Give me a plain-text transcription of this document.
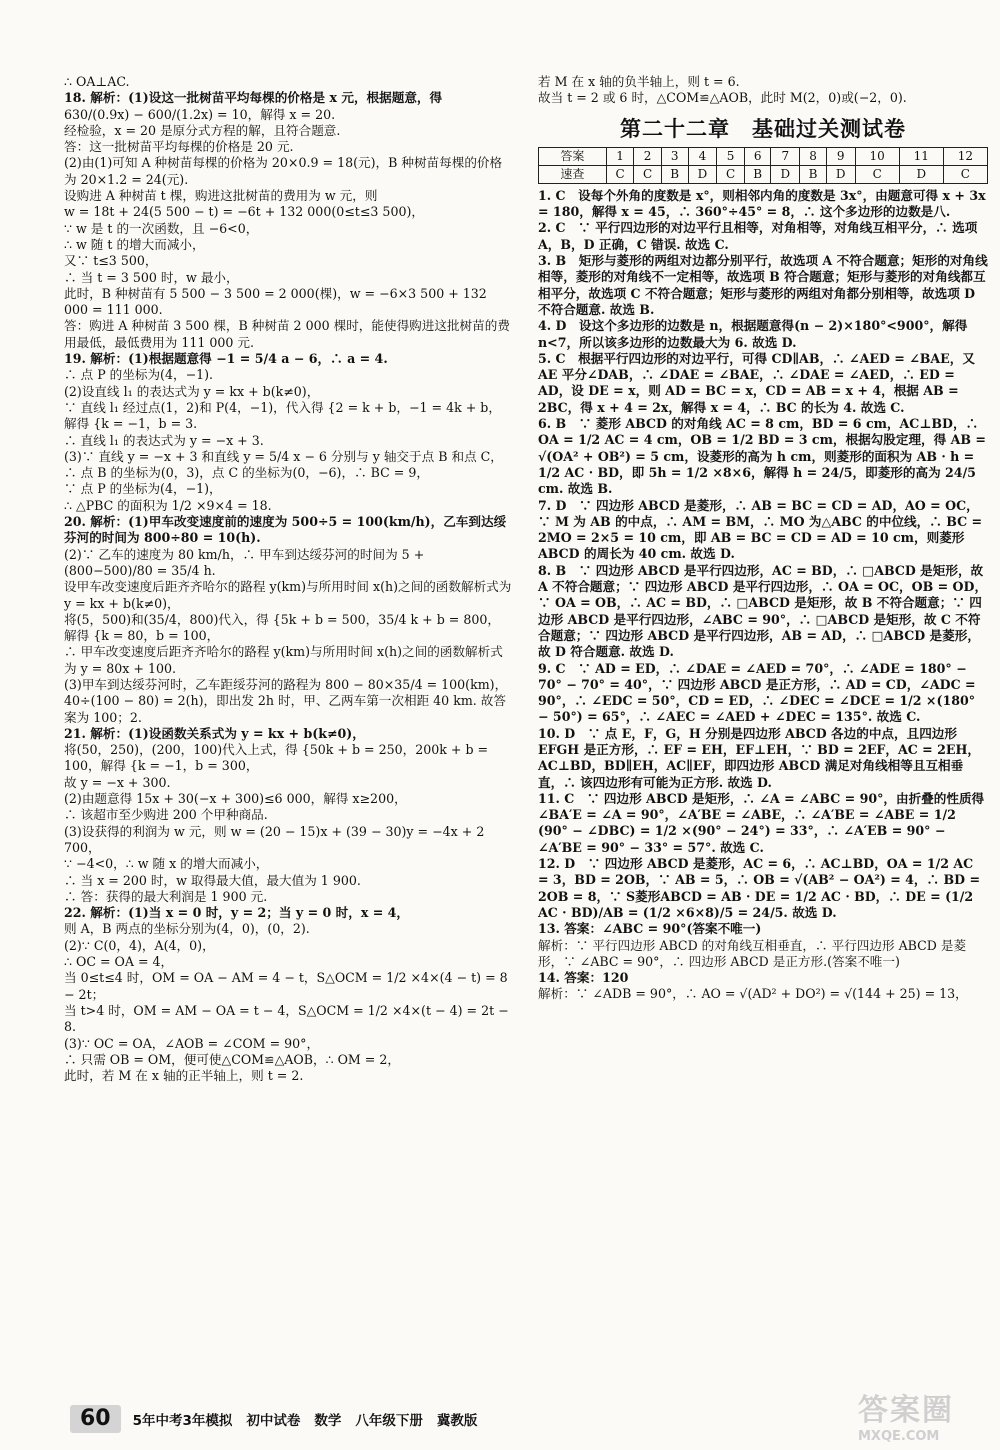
∴ OA⊥AC.

18. 解析：(1)设这一批树苗平均每棵的价格是 x 元，根据题意，得

630/(0.9x) − 600/(1.2x) = 10，解得 x = 20.

经检验，x = 20 是原分式方程的解，且符合题意.

答：这一批树苗平均每棵的价格是 20 元.

(2)由(1)可知 A 种树苗每棵的价格为 20×0.9 = 18(元)，B 种树苗每棵的价格为 20×1.2 = 24(元).

设购进 A 种树苗 t 棵，购进这批树苗的费用为 w 元，则

w = 18t + 24(5 500 − t) = −6t + 132 000(0≤t≤3 500)，

∵ w 是 t 的一次函数，且 −6<0，

∴ w 随 t 的增大而减小，

又∵ t≤3 500，

∴ 当 t = 3 500 时，w 最小，

此时，B 种树苗有 5 500 − 3 500 = 2 000(棵)，w = −6×3 500 + 132 000 = 111 000.

答：购进 A 种树苗 3 500 棵，B 种树苗 2 000 棵时，能使得购进这批树苗的费用最低，最低费用为 111 000 元.

19. 解析：(1)根据题意得 −1 = 5/4 a − 6，∴ a = 4.

∴ 点 P 的坐标为(4，−1).

(2)设直线 l₁ 的表达式为 y = kx + b(k≠0)，

∵ 直线 l₁ 经过点(1，2)和 P(4，−1)，代入得 {2 = k + b，−1 = 4k + b，

解得 {k = −1，b = 3.

∴ 直线 l₁ 的表达式为 y = −x + 3.

(3)∵ 直线 y = −x + 3 和直线 y = 5/4 x − 6 分别与 y 轴交于点 B 和点 C，

∴ 点 B 的坐标为(0，3)，点 C 的坐标为(0，−6)，∴ BC = 9，

∵ 点 P 的坐标为(4，−1)，

∴ △PBC 的面积为 1/2 ×9×4 = 18.

20. 解析：(1)甲车改变速度前的速度为 500÷5 = 100(km/h)，乙车到达绥芬河的时间为 800÷80 = 10(h).

(2)∵ 乙车的速度为 80 km/h，∴ 甲车到达绥芬河的时间为 5 + (800−500)/80 = 35/4 h.

设甲车改变速度后距齐齐哈尔的路程 y(km)与所用时间 x(h)之间的函数解析式为 y = kx + b(k≠0)，

将(5，500)和(35/4，800)代入，得 {5k + b = 500，35/4 k + b = 800，解得 {k = 80，b = 100，

∴ 甲车改变速度后距齐齐哈尔的路程 y(km)与所用时间 x(h)之间的函数解析式为 y = 80x + 100.

(3)甲车到达绥芬河时，乙车距绥芬河的路程为 800 − 80×35/4 = 100(km)，

40÷(100 − 80) = 2(h)，即出发 2h 时，甲、乙两车第一次相距 40 km. 故答案为 100；2.

21. 解析：(1)设函数关系式为 y = kx + b(k≠0)，

将(50，250)，(200，100)代入上式，得 {50k + b = 250，200k + b = 100，解得 {k = −1，b = 300，

故 y = −x + 300.

(2)由题意得 15x + 30(−x + 300)≤6 000，解得 x≥200，

∴ 该超市至少购进 200 个甲种商品.

(3)设获得的利润为 w 元，则 w = (20 − 15)x + (39 − 30)y = −4x + 2 700，

∵ −4<0，∴ w 随 x 的增大而减小，

∴ 当 x = 200 时，w 取得最大值，最大值为 1 900.

∴ 答：获得的最大利润是 1 900 元.

22. 解析：(1)当 x = 0 时，y = 2；当 y = 0 时，x = 4，

则 A，B 两点的坐标分别为(4，0)，(0，2).

(2)∵ C(0，4)，A(4，0)，

∴ OC = OA = 4，

当 0≤t≤4 时，OM = OA − AM = 4 − t，S△OCM = 1/2 ×4×(4 − t) = 8 − 2t；

当 t>4 时，OM = AM − OA = t − 4，S△OCM = 1/2 ×4×(t − 4) = 2t − 8.

(3)∵ OC = OA，∠AOB = ∠COM = 90°，

∴ 只需 OB = OM，便可使△COM≌△AOB，∴ OM = 2，

此时，若 M 在 x 轴的正半轴上，则 t = 2.

若 M 在 x 轴的负半轴上，则 t = 6.

故当 t = 2 或 6 时，△COM≌△AOB，此时 M(2，0)或(−2，0).

第二十二章　基础过关测试卷
答案	1	2	3	4	5	6	7	8	9	10	11	12
速查	C	C	B	D	C	B	D	B	D	C	D	C

1. C　设每个外角的度数是 x°，则相邻内角的度数是 3x°，由题意可得 x + 3x = 180，解得 x = 45，∴ 360°÷45° = 8，∴ 这个多边形的边数是八.

2. C　∵ 平行四边形的对边平行且相等，对角相等，对角线互相平分，∴ 选项 A，B，D 正确，C 错误. 故选 C.

3. B　矩形与菱形的两组对边都分别平行，故选项 A 不符合题意；矩形的对角线相等，菱形的对角线不一定相等，故选项 B 符合题意；矩形与菱形的对角线都互相平分，故选项 C 不符合题意；矩形与菱形的两组对角都分别相等，故选项 D 不符合题意. 故选 B.

4. D　设这个多边形的边数是 n，根据题意得(n − 2)×180°<900°，解得 n<7，所以该多边形的边数最大为 6. 故选 D.

5. C　根据平行四边形的对边平行，可得 CD∥AB，∴ ∠AED = ∠BAE，又 AE 平分∠DAB，∴ ∠DAE = ∠BAE，∴ ∠DAE = ∠AED，∴ ED = AD，设 DE = x，则 AD = BC = x，CD = AB = x + 4，根据 AB = 2BC，得 x + 4 = 2x，解得 x = 4，∴ BC 的长为 4. 故选 C.

6. B　∵ 菱形 ABCD 的对角线 AC = 8 cm，BD = 6 cm，AC⊥BD，∴ OA = 1/2 AC = 4 cm，OB = 1/2 BD = 3 cm，根据勾股定理，得 AB = √(OA² + OB²) = 5 cm，设菱形的高为 h cm，则菱形的面积为 AB · h = 1/2 AC · BD，即 5h = 1/2 ×8×6，解得 h = 24/5，即菱形的高为 24/5 cm. 故选 B.

7. D　∵ 四边形 ABCD 是菱形，∴ AB = BC = CD = AD，AO = OC，∵ M 为 AB 的中点，∴ AM = BM，∴ MO 为△ABC 的中位线，∴ BC = 2MO = 2×5 = 10 cm，即 AB = BC = CD = AD = 10 cm，则菱形 ABCD 的周长为 40 cm. 故选 D.

8. B　∵ 四边形 ABCD 是平行四边形，AC = BD，∴ □ABCD 是矩形，故 A 不符合题意；∵ 四边形 ABCD 是平行四边形，∴ OA = OC，OB = OD，∵ OA = OB，∴ AC = BD，∴ □ABCD 是矩形，故 B 不符合题意；∵ 四边形 ABCD 是平行四边形，∠ABC = 90°，∴ □ABCD 是矩形，故 C 不符合题意；∵ 四边形 ABCD 是平行四边形，AB = AD，∴ □ABCD 是菱形，故 D 符合题意. 故选 D.

9. C　∵ AD = ED，∴ ∠DAE = ∠AED = 70°，∴ ∠ADE = 180° − 70° − 70° = 40°，∵ 四边形 ABCD 是正方形，∴ AD = CD，∠ADC = 90°，∴ ∠EDC = 50°，CD = ED，∴ ∠DEC = ∠DCE = 1/2 ×(180° − 50°) = 65°，∴ ∠AEC = ∠AED + ∠DEC = 135°. 故选 C.

10. D　∵ 点 E，F，G，H 分别是四边形 ABCD 各边的中点，且四边形 EFGH 是正方形，∴ EF = EH，EF⊥EH，∵ BD = 2EF，AC = 2EH，AC⊥BD，BD∥EH，AC∥EF，即四边形 ABCD 满足对角线相等且互相垂直，∴ 该四边形有可能为正方形. 故选 D.

11. C　∵ 四边形 ABCD 是矩形，∴ ∠A = ∠ABC = 90°，由折叠的性质得∠BA′E = ∠A = 90°，∠A′BE = ∠ABE，∴ ∠A′BE = ∠ABE = 1/2 (90° − ∠DBC) = 1/2 ×(90° − 24°) = 33°，∴ ∠A′EB = 90° − ∠A′BE = 90° − 33° = 57°. 故选 C.

12. D　∵ 四边形 ABCD 是菱形，AC = 6，∴ AC⊥BD，OA = 1/2 AC = 3，BD = 2OB，∵ AB = 5，∴ OB = √(AB² − OA²) = 4，∴ BD = 2OB = 8，∵ S菱形ABCD = AB · DE = 1/2 AC · BD，∴ DE = (1/2 AC · BD)/AB = (1/2 ×6×8)/5 = 24/5. 故选 D.

13. 答案：∠ABC = 90°(答案不唯一)

解析：∵ 平行四边形 ABCD 的对角线互相垂直，∴ 平行四边形 ABCD 是菱形，∵ ∠ABC = 90°，∴ 四边形 ABCD 是正方形.(答案不唯一)

14. 答案：120

解析：∵ ∠ADB = 90°，∴ AO = √(AD² + DO²) = √(144 + 25) = 13，

60	5年中考3年模拟 初中试卷 数学 八年级下册 冀教版	答案圈
MXQE.COM
